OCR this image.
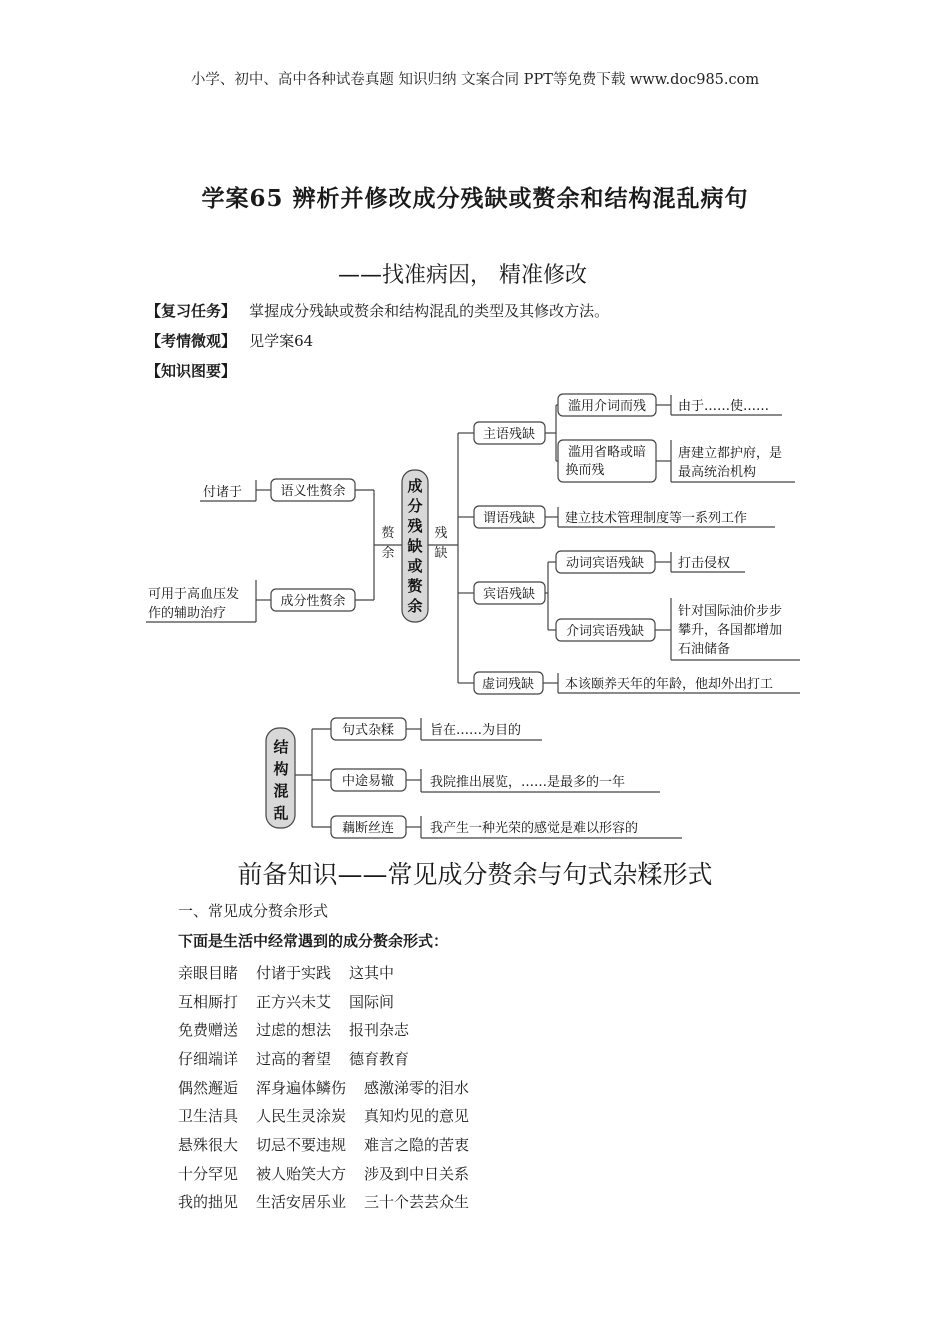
小学、初中、高中各种试卷真题 知识归纳 文案合同 PPT等免费下载 www.doc985.com
学案65 辨析并修改成分残缺或赘余和结构混乱病句
——找准病因， 精准修改
【复习任务】 掌握成分残缺或赘余和结构混乱的类型及其修改方法。
【考情微观】 见学案64
【知识图要】
成
分
残
缺
或
赘
余
赘
余
残
缺
语义性赘余
付诸于
成分性赘余
可用于高血压发
作的辅助治疗
主语残缺
滥用介词而残 由于……使……
滥用省略或暗
换而残
唐建立都护府，是
最高统治机构
谓语残缺 建立技术管理制度等一系列工作
宾语残缺
动词宾语残缺	打击侵权
介词宾语残缺
针对国际油价步步
攀升，各国都增加
石油储备
虚词残缺 本该颐养天年的年龄，他却外出打工
句式杂糅	旨在……为目的
中途易辙	我院推出展览，……是最多的一年
藕断丝连	我产生一种光荣的感觉是难以形容的
结
构
混
乱
前备知识——常见成分赘余与句式杂糅形式
一、常见成分赘余形式
下面是生活中经常遇到的成分赘余形式：
亲眼目睹 付诸于实践 这其中
互相厮打 正方兴未艾 国际间
免费赠送 过虑的想法 报刊杂志
仔细端详 过高的奢望 德育教育
偶然邂逅 浑身遍体鳞伤 感激涕零的泪水
卫生洁具 人民生灵涂炭 真知灼见的意见
悬殊很大 切忌不要违规 难言之隐的苦衷
十分罕见 被人贻笑大方 涉及到中日关系
我的拙见 生活安居乐业 三十个芸芸众生
